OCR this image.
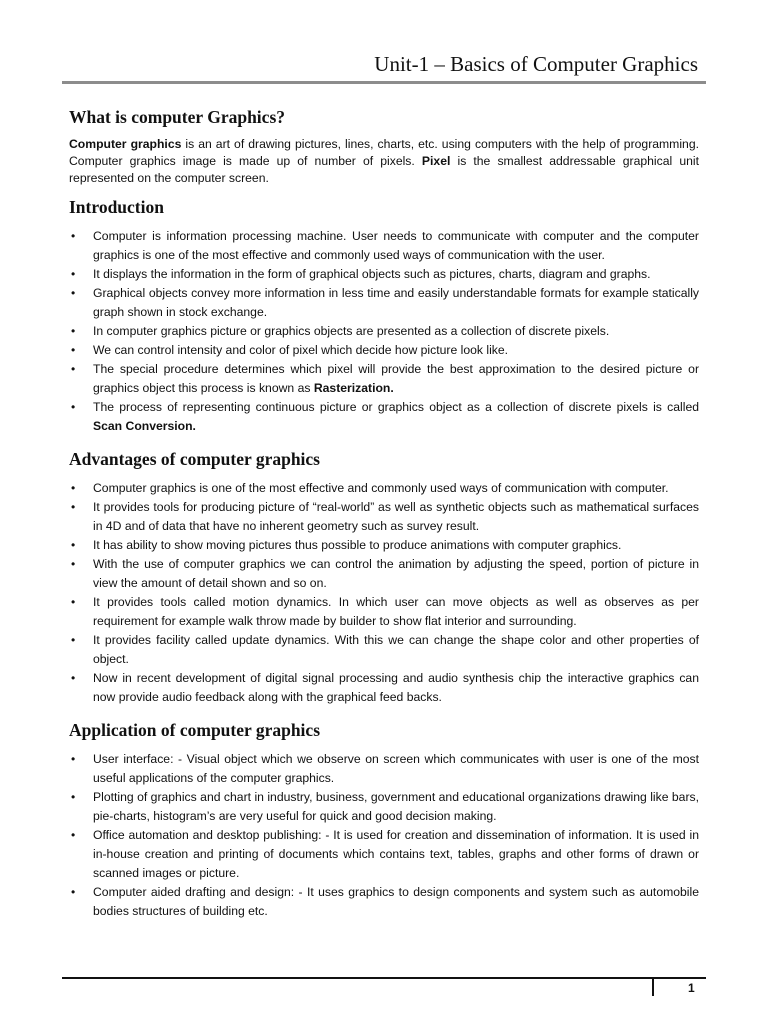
Unit-1 – Basics of Computer Graphics
What is computer Graphics?

Computer graphics is an art of drawing pictures, lines, charts, etc. using computers with the help of programming. Computer graphics image is made up of number of pixels. Pixel is the smallest addressable graphical unit represented on the computer screen.

Introduction
• Computer is information processing machine. User needs to communicate with computer and the computer graphics is one of the most effective and commonly used ways of communication with the user.
• It displays the information in the form of graphical objects such as pictures, charts, diagram and graphs.
• Graphical objects convey more information in less time and easily understandable formats for example statically graph shown in stock exchange.
• In computer graphics picture or graphics objects are presented as a collection of discrete pixels.
• We can control intensity and color of pixel which decide how picture look like.
• The special procedure determines which pixel will provide the best approximation to the desired picture or graphics object this process is known as Rasterization.
• The process of representing continuous picture or graphics object as a collection of discrete pixels is called Scan Conversion.
Advantages of computer graphics
• Computer graphics is one of the most effective and commonly used ways of communication with computer.
• It provides tools for producing picture of “real-world” as well as synthetic objects such as mathematical surfaces in 4D and of data that have no inherent geometry such as survey result.
• It has ability to show moving pictures thus possible to produce animations with computer graphics.
• With the use of computer graphics we can control the animation by adjusting the speed, portion of picture in view the amount of detail shown and so on.
• It provides tools called motion dynamics. In which user can move objects as well as observes as per requirement for example walk throw made by builder to show flat interior and surrounding.
• It provides facility called update dynamics. With this we can change the shape color and other properties of object.
• Now in recent development of digital signal processing and audio synthesis chip the interactive graphics can now provide audio feedback along with the graphical feed backs.
Application of computer graphics
• User interface: - Visual object which we observe on screen which communicates with user is one of the most useful applications of the computer graphics.
• Plotting of graphics and chart in industry, business, government and educational organizations drawing like bars, pie-charts, histogram’s are very useful for quick and good decision making.
• Office automation and desktop publishing: - It is used for creation and dissemination of information. It is used in in-house creation and printing of documents which contains text, tables, graphs and other forms of drawn or scanned images or picture.
• Computer aided drafting and design: - It uses graphics to design components and system such as automobile bodies structures of building etc.
1
